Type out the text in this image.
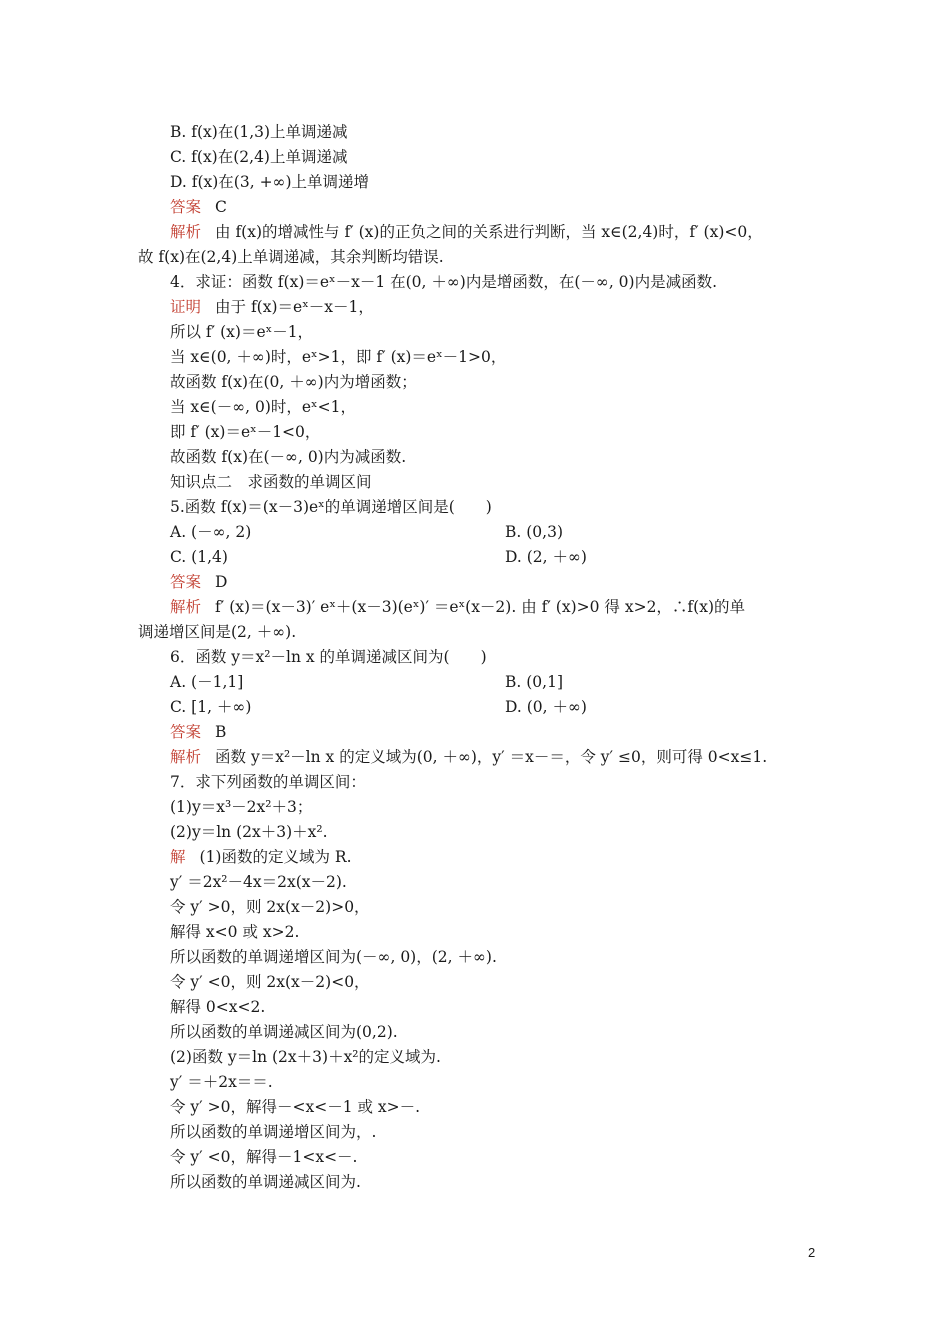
B. f(x)在(1,3)上单调递减
C. f(x)在(2,4)上单调递减
D. f(x)在(3, +∞)上单调递增
答案 C
解析 由 f(x)的增减性与 f′ (x)的正负之间的关系进行判断，当 x∈(2,4)时，f′ (x)<0，
故 f(x)在(2,4)上单调递减，其余判断均错误.
4．求证：函数 f(x)＝eˣ－x－1 在(0, ＋∞)内是增函数，在(－∞, 0)内是减函数.
证明 由于 f(x)＝eˣ－x－1，
所以 f′ (x)＝eˣ－1，
当 x∈(0, ＋∞)时，eˣ>1，即 f′ (x)＝eˣ－1>0，
故函数 f(x)在(0, ＋∞)内为增函数；
当 x∈(－∞, 0)时，eˣ<1，
即 f′ (x)＝eˣ－1<0，
故函数 f(x)在(－∞, 0)内为减函数.
知识点二　求函数的单调区间
5.函数 f(x)＝(x－3)eˣ的单调递增区间是(　　)
A. (－∞, 2)	B. (0,3)
C. (1,4)	D. (2, ＋∞)
答案 D
解析 f′ (x)＝(x－3)′ eˣ＋(x－3)(eˣ)′ ＝eˣ(x－2). 由 f′ (x)>0 得 x>2，∴f(x)的单
调递增区间是(2, ＋∞).
6．函数 y＝x²－ln x 的单调递减区间为(　　)
A. (－1,1]	B. (0,1]
C. [1, ＋∞)	D. (0, ＋∞)
答案 B
解析 函数 y＝x²－ln x 的定义域为(0, ＋∞)，y′ ＝x－＝，令 y′ ≤0，则可得 0<x≤1.
7．求下列函数的单调区间：
(1)y＝x³－2x²＋3；
(2)y＝ln (2x＋3)＋x².
解 (1)函数的定义域为 R.
y′ ＝2x²－4x＝2x(x－2).
令 y′ >0，则 2x(x－2)>0，
解得 x<0 或 x>2.
所以函数的单调递增区间为(－∞, 0)，(2, ＋∞).
令 y′ <0，则 2x(x－2)<0，
解得 0<x<2.
所以函数的单调递减区间为(0,2).
(2)函数 y＝ln (2x＋3)＋x²的定义域为.
y′ ＝＋2x＝＝.
令 y′ >0，解得－<x<－1 或 x>－.
所以函数的单调递增区间为，.
令 y′ <0，解得－1<x<－.
所以函数的单调递减区间为.
2
